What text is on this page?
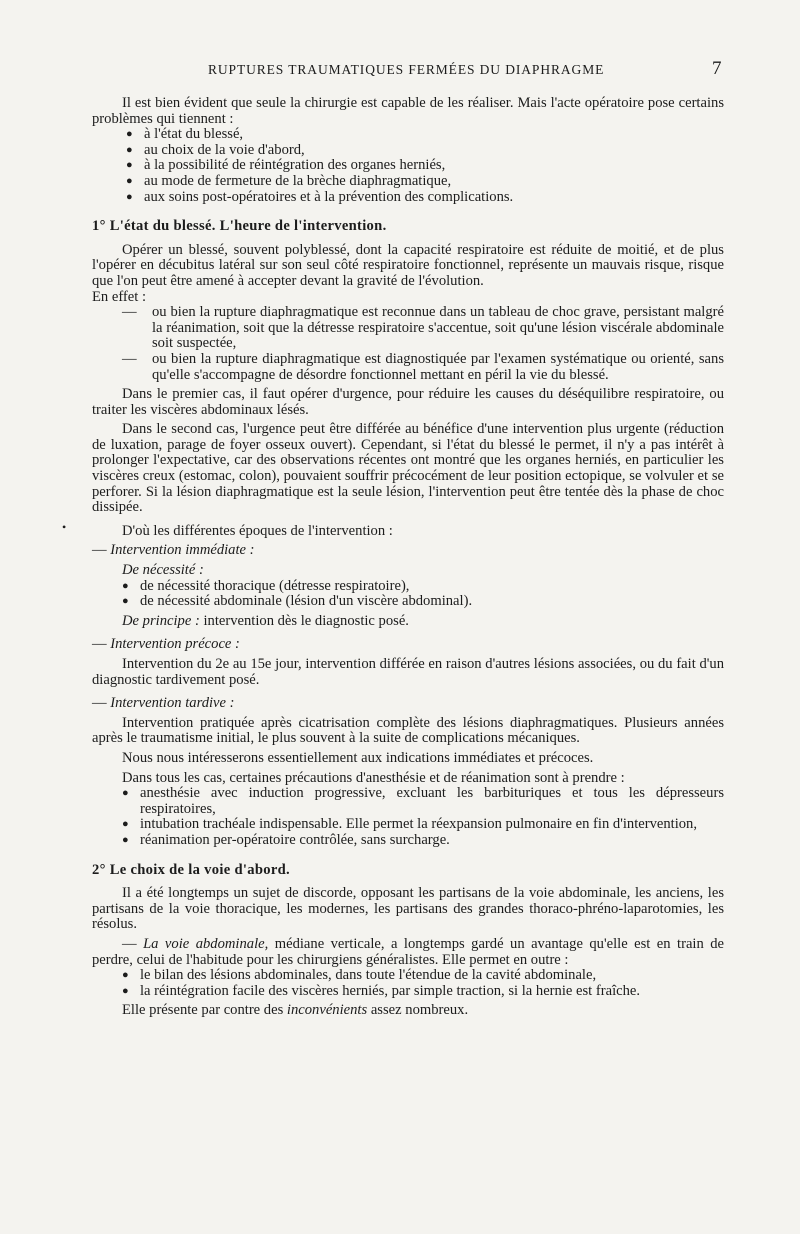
RUPTURES TRAUMATIQUES FERMÉES DU DIAPHRAGME	7
•

Il est bien évident que seule la chirurgie est capable de les réaliser. Mais l'acte opératoire pose certains problèmes qui tiennent :

● à l'état du blessé,
● au choix de la voie d'abord,
● à la possibilité de réintégration des organes herniés,
● au mode de fermeture de la brèche diaphragmatique,
● aux soins post-opératoires et à la prévention des complications.

1° L'état du blessé. L'heure de l'intervention.

Opérer un blessé, souvent polyblessé, dont la capacité respiratoire est réduite de moitié, et de plus l'opérer en décubitus latéral sur son seul côté respiratoire fonctionnel, représente un mauvais risque, risque que l'on peut être amené à accepter devant la gravité de l'évolution.

En effet :

— ou bien la rupture diaphragmatique est reconnue dans un tableau de choc grave, persistant malgré la réanimation, soit que la détresse respiratoire s'accentue, soit qu'une lésion viscérale abdominale soit suspectée,
— ou bien la rupture diaphragmatique est diagnostiquée par l'examen systématique ou orienté, sans qu'elle s'accompagne de désordre fonctionnel mettant en péril la vie du blessé.

Dans le premier cas, il faut opérer d'urgence, pour réduire les causes du déséquilibre respiratoire, ou traiter les viscères abdominaux lésés.

Dans le second cas, l'urgence peut être différée au bénéfice d'une intervention plus urgente (réduction de luxation, parage de foyer osseux ouvert). Cependant, si l'état du blessé le permet, il n'y a pas intérêt à prolonger l'expectative, car des observations récentes ont montré que les organes herniés, en particulier les viscères creux (estomac, colon), pouvaient souffrir précocément de leur position ectopique, se volvuler et se perforer. Si la lésion diaphragmatique est la seule lésion, l'intervention peut être tentée dès la phase de choc dissipée.

D'où les différentes époques de l'intervention :

— Intervention immédiate :

De nécessité :

● de nécessité thoracique (détresse respiratoire),
● de nécessité abdominale (lésion d'un viscère abdominal).

De principe : intervention dès le diagnostic posé.

— Intervention précoce :

Intervention du 2e au 15e jour, intervention différée en raison d'autres lésions associées, ou du fait d'un diagnostic tardivement posé.

— Intervention tardive :

Intervention pratiquée après cicatrisation complète des lésions diaphragmatiques. Plusieurs années après le traumatisme initial, le plus souvent à la suite de complications mécaniques.

Nous nous intéresserons essentiellement aux indications immédiates et précoces.

Dans tous les cas, certaines précautions d'anesthésie et de réanimation sont à prendre :

● anesthésie avec induction progressive, excluant les barbituriques et tous les dépresseurs respiratoires,
● intubation trachéale indispensable. Elle permet la réexpansion pulmonaire en fin d'intervention,
● réanimation per-opératoire contrôlée, sans surcharge.

2° Le choix de la voie d'abord.

Il a été longtemps un sujet de discorde, opposant les partisans de la voie abdominale, les anciens, les partisans de la voie thoracique, les modernes, les partisans des grandes thoraco-phréno-laparotomies, les résolus.

— La voie abdominale, médiane verticale, a longtemps gardé un avantage qu'elle est en train de perdre, celui de l'habitude pour les chirurgiens généralistes. Elle permet en outre :

● le bilan des lésions abdominales, dans toute l'étendue de la cavité abdominale,
● la réintégration facile des viscères herniés, par simple traction, si la hernie est fraîche.

Elle présente par contre des inconvénients assez nombreux.
